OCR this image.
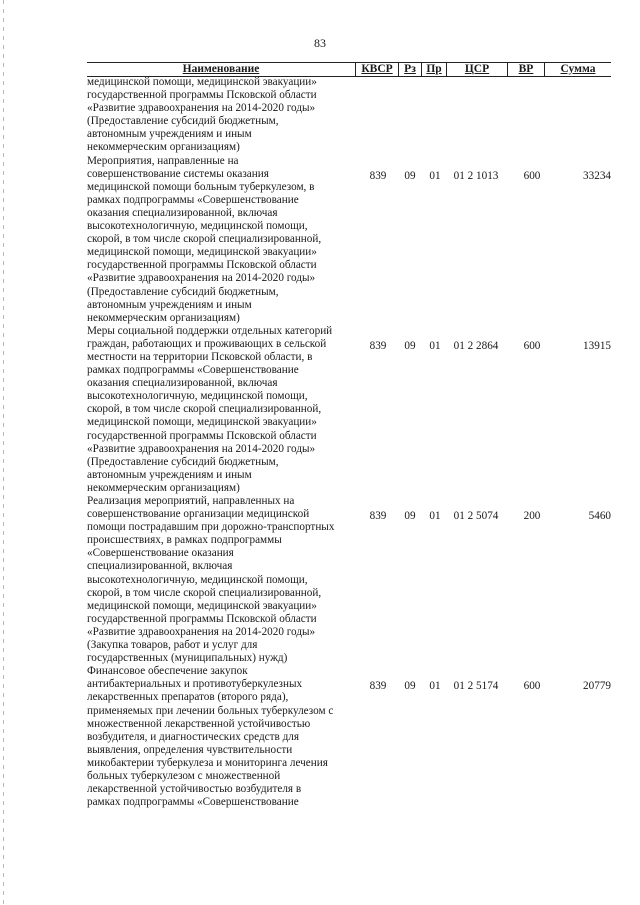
83
Наименование	КВСР	Рз Пр	ЦСР	ВР	Сумма
медицинской помощи, медицинской эвакуации»
государственной программы Псковской области
«Развитие здравоохранения на 2014-2020 годы»
(Предоставление субсидий бюджетным,
автономным учреждениям и иным
некоммерческим организациям)
Мероприятия, направленные на
совершенствование системы оказания
медицинской помощи больным туберкулезом, в
рамках подпрограммы «Совершенствование
оказания специализированной, включая
высокотехнологичную, медицинской помощи,
скорой, в том числе скорой специализированной,
медицинской помощи, медицинской эвакуации»
государственной программы Псковской области
«Развитие здравоохранения на 2014-2020 годы»
(Предоставление субсидий бюджетным,
автономным учреждениям и иным
некоммерческим организациям)
839	09	01	01 2 1013	600	33234
Меры социальной поддержки отдельных категорий
граждан, работающих и проживающих в сельской
местности на территории Псковской области, в
рамках подпрограммы «Совершенствование
оказания специализированной, включая
высокотехнологичную, медицинской помощи,
скорой, в том числе скорой специализированной,
медицинской помощи, медицинской эвакуации»
государственной программы Псковской области
«Развитие здравоохранения на 2014-2020 годы»
(Предоставление субсидий бюджетным,
автономным учреждениям и иным
некоммерческим организациям)
839	09	01	01 2 2864	600	13915
Реализация мероприятий, направленных на
совершенствование организации медицинской
помощи пострадавшим при дорожно-транспортных
происшествиях, в рамках подпрограммы
«Совершенствование оказания
специализированной, включая
высокотехнологичную, медицинской помощи,
скорой, в том числе скорой специализированной,
медицинской помощи, медицинской эвакуации»
государственной программы Псковской области
«Развитие здравоохранения на 2014-2020 годы»
(Закупка товаров, работ и услуг для
государственных (муниципальных) нужд)
839	09	01	01 2 5074	200	5460
Финансовое обеспечение закупок
антибактериальных и противотуберкулезных
лекарственных препаратов (второго ряда),
применяемых при лечении больных туберкулезом с
множественной лекарственной устойчивостью
возбудителя, и диагностических средств для
выявления, определения чувствительности
микобактерии туберкулеза и мониторинга лечения
больных туберкулезом с множественной
лекарственной устойчивостью возбудителя в
рамках подпрограммы «Совершенствование
839	09	01	01 2 5174	600	20779
